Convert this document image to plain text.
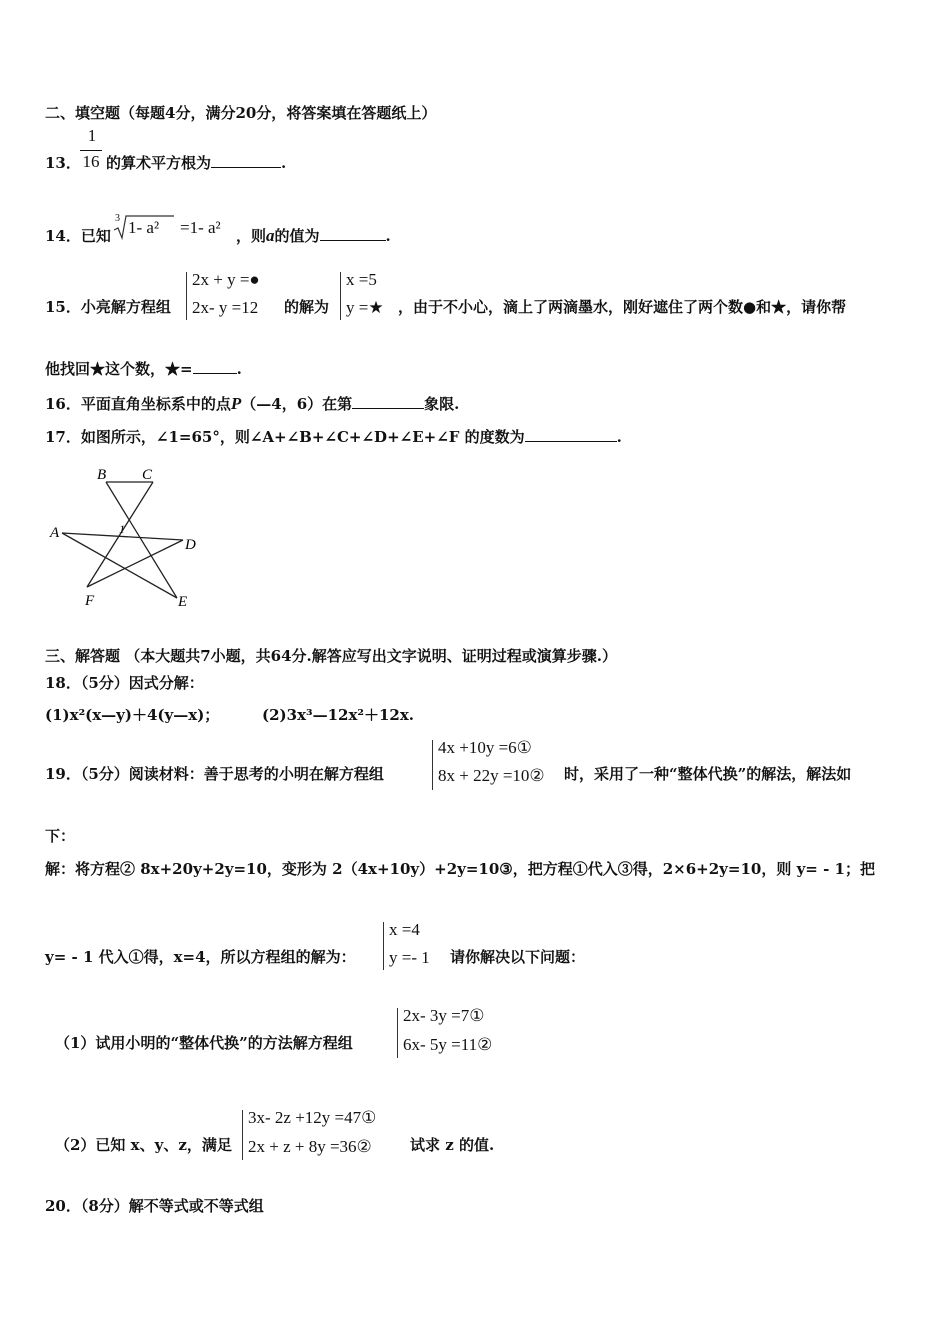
二、填空题（每题4分，满分20分，将答案填在答题纸上）
13．
1
16 的算术平方根为	.
14．已知
3 1- a² =1- a² ，则a的值为	.
15．小亮解方程组
2x + y =●
2x- y =12 的解为
x =5
y =★ ，由于不小心，滴上了两滴墨水，刚好遮住了两个数●和★，请你帮
他找回★这个数，★=	.
16．平面直角坐标系中的点P（—4，6）在第	象限.
17．如图所示，∠1=65°，则∠A+∠B+∠C+∠D+∠E+∠F 的度数为	.
B C
A
D
F	E
1
三、解答题 （本大题共7小题，共64分.解答应写出文字说明、证明过程或演算步骤.）
18．（5分）因式分解：
(1)x²(x—y)＋4(y—x)；	(2)3x³—12x²＋12x.
19．（5分）阅读材料：善于思考的小明在解方程组
4x +10y =6①
8x + 22y =10② 时，采用了一种“整体代换”的解法，解法如
下：
解：将方程② 8x+20y+2y=10，变形为 2（4x+10y）+2y=10③，把方程①代入③得，2×6+2y=10，则 y= - 1；把
y= - 1 代入①得，x=4，所以方程组的解为：
x =4
y =- 1 请你解决以下问题：
（1）试用小明的“整体代换”的方法解方程组
2x- 3y =7①
6x- 5y =11②
（2）已知 x、y、z，满足
3x- 2z +12y =47①
2x + z + 8y =36②	试求 z 的值.
20．（8分）解不等式或不等式组
